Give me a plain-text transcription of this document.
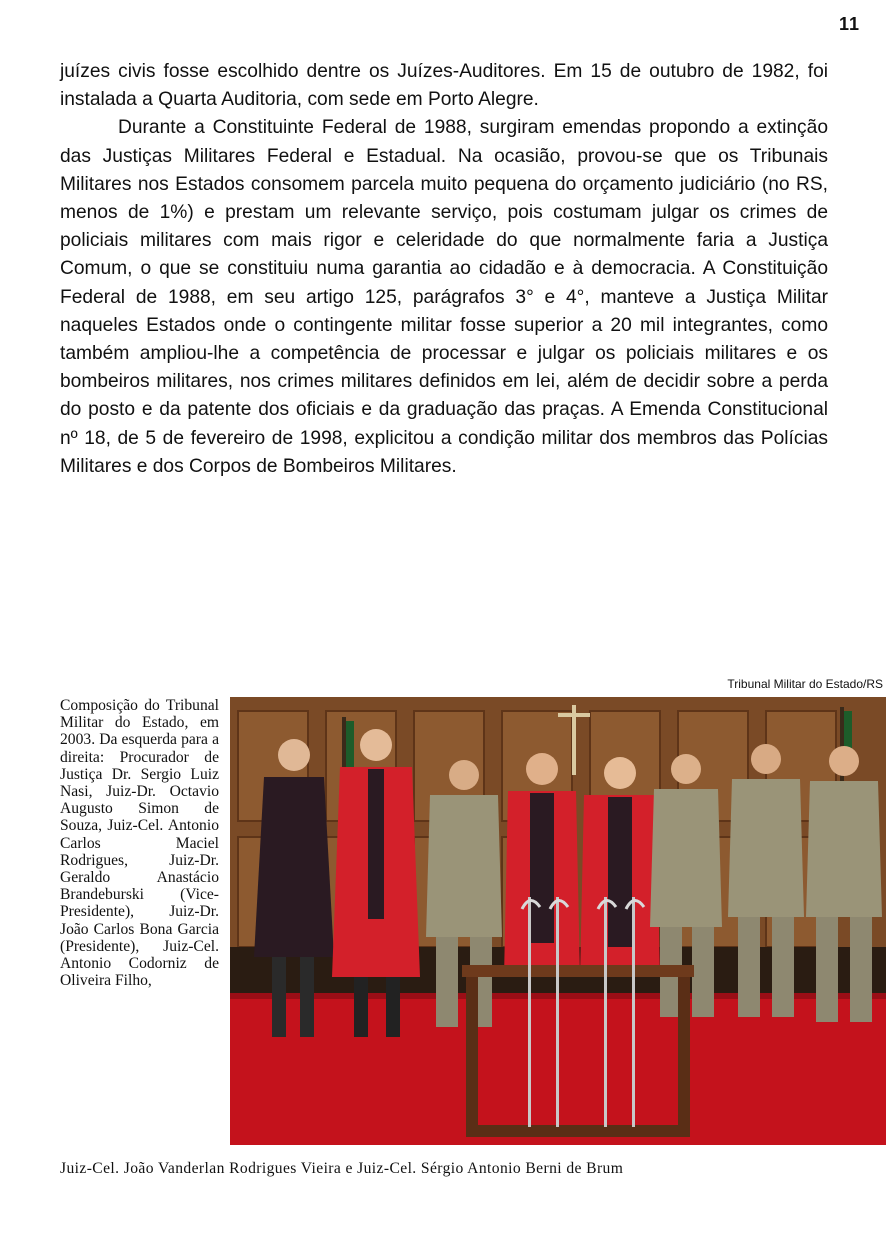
11

juízes civis fosse escolhido dentre os Juízes-Auditores. Em 15 de outubro de 1982, foi instalada a Quarta Auditoria, com sede em Porto Alegre.

Durante a Constituinte Federal de 1988, surgiram emendas propondo a extinção das Justiças Militares Federal e Estadual. Na ocasião, provou-se que os Tribunais Militares nos Estados consomem parcela muito pequena do orçamento judiciário (no RS, menos de 1%) e prestam um relevante serviço, pois costumam julgar os crimes de policiais militares com mais rigor e celeridade do que normalmente faria a Justiça Comum, o que se constituiu numa garantia ao cidadão e à democracia. A Constituição Federal de 1988, em seu artigo 125, parágrafos 3° e 4°, manteve a Justiça Militar naqueles Estados onde o contingente militar fosse superior a 20 mil integrantes, como também ampliou-lhe a competência de processar e julgar os policiais militares e os bombeiros militares, nos crimes militares definidos em lei, além de decidir sobre a perda do posto e da patente dos oficiais e da graduação das praças. A Emenda Constitucional nº 18, de 5 de fevereiro de 1998, explicitou a condição militar dos membros das Polícias Militares e dos Corpos de Bombeiros Militares.

Tribunal Militar do Estado/RS
Composição do Tribunal Militar do Estado, em 2003. Da esquerda para a direita: Procurador de Justiça Dr. Sergio Luiz Nasi, Juiz-Dr. Octavio Augusto Simon de Souza, Juiz-Cel. Antonio Carlos Maciel Rodrigues, Juiz-Dr. Geraldo Anastácio Brandeburski (Vice-Presidente), Juiz-Dr. João Carlos Bona Garcia (Presidente), Juiz-Cel. Antonio Codorniz de Oliveira Filho,
Juiz-Cel. João Vanderlan Rodrigues Vieira e Juiz-Cel. Sérgio Antonio Berni de Brum
